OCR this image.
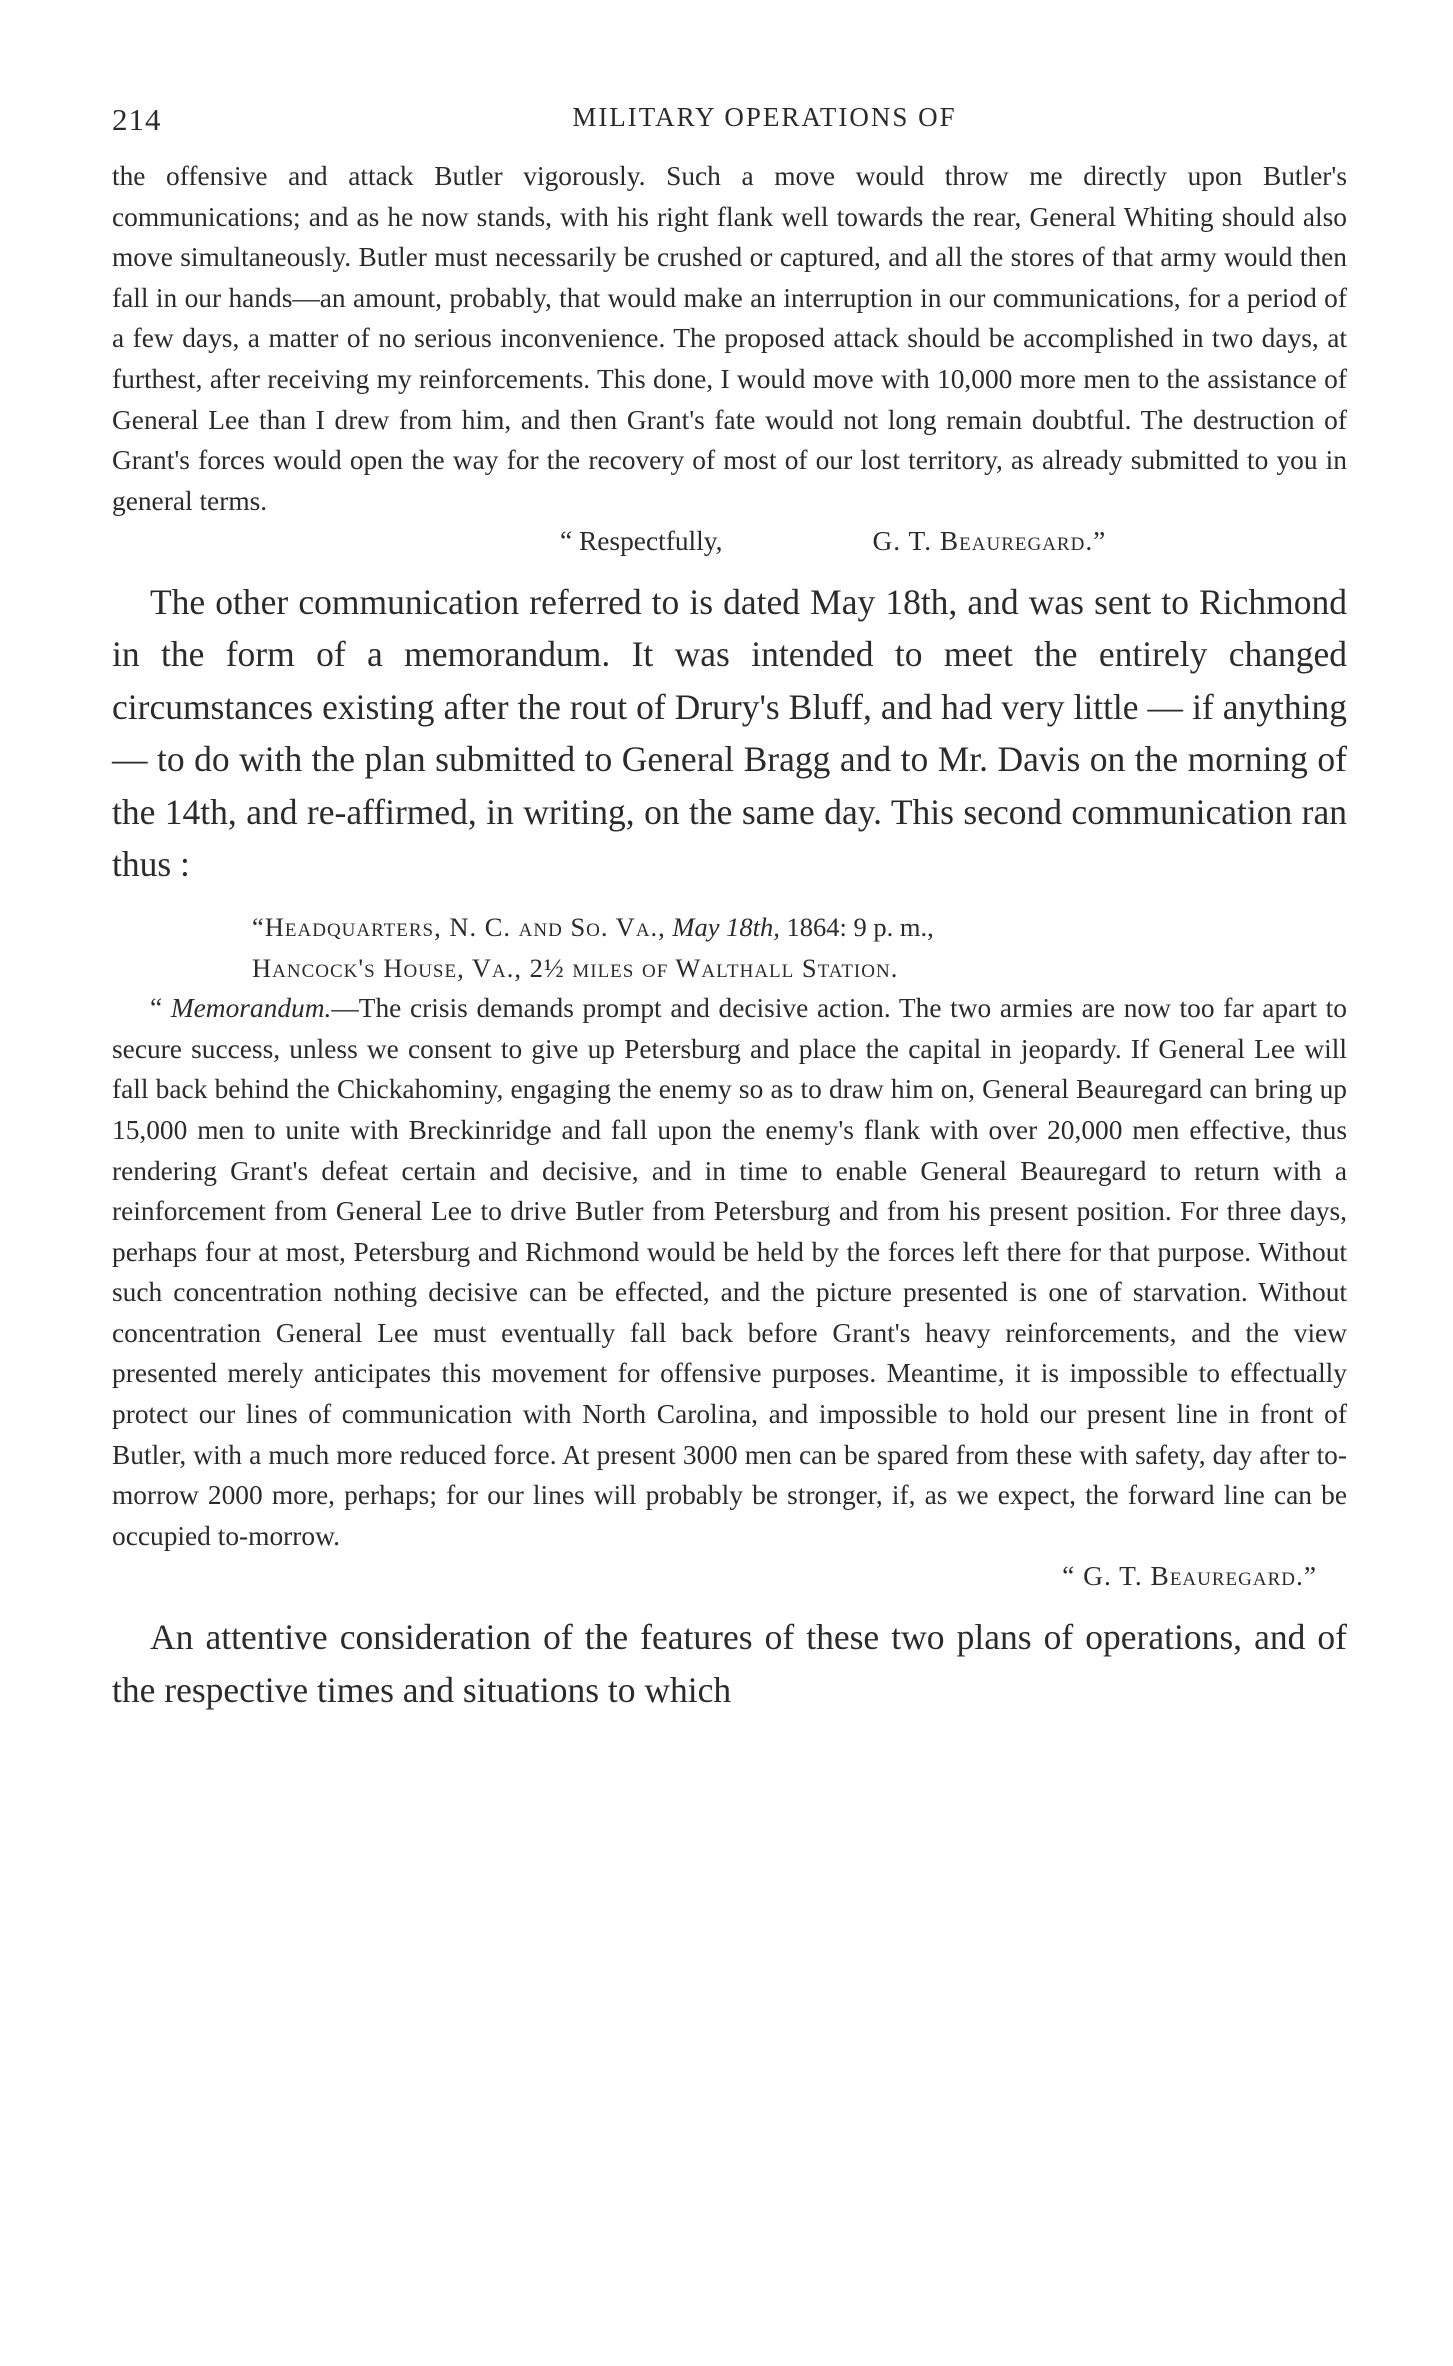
214	MILITARY OPERATIONS OF

the offensive and attack Butler vigorously. Such a move would throw me directly upon Butler's communications; and as he now stands, with his right flank well towards the rear, General Whiting should also move simultaneously. Butler must necessarily be crushed or captured, and all the stores of that army would then fall in our hands—an amount, probably, that would make an interruption in our communications, for a period of a few days, a matter of no serious inconvenience. The proposed attack should be accomplished in two days, at furthest, after receiving my reinforcements. This done, I would move with 10,000 more men to the assistance of General Lee than I drew from him, and then Grant's fate would not long remain doubtful. The destruction of Grant's forces would open the way for the recovery of most of our lost territory, as already submitted to you in general terms.

“ Respectfully,	G. T. Beauregard.”

The other communication referred to is dated May 18th, and was sent to Richmond in the form of a memorandum. It was intended to meet the entirely changed circumstances existing after the rout of Drury's Bluff, and had very little — if anything — to do with the plan submitted to General Bragg and to Mr. Davis on the morning of the 14th, and re-affirmed, in writing, on the same day. This second communication ran thus :

“Headquarters, N. C. and So. Va., May 18th, 1864: 9 p. m.,
Hancock's House, Va., 2½ miles of Walthall Station.

“ Memorandum.—The crisis demands prompt and decisive action. The two armies are now too far apart to secure success, unless we consent to give up Petersburg and place the capital in jeopardy. If General Lee will fall back behind the Chickahominy, engaging the enemy so as to draw him on, General Beauregard can bring up 15,000 men to unite with Breckinridge and fall upon the enemy's flank with over 20,000 men effective, thus rendering Grant's defeat certain and decisive, and in time to enable General Beauregard to return with a reinforcement from General Lee to drive Butler from Petersburg and from his present position. For three days, perhaps four at most, Petersburg and Richmond would be held by the forces left there for that purpose. Without such concentration nothing decisive can be effected, and the picture presented is one of starvation. Without concentration General Lee must eventually fall back before Grant's heavy reinforcements, and the view presented merely anticipates this movement for offensive purposes. Meantime, it is impossible to effectually protect our lines of communication with North Carolina, and impossible to hold our present line in front of Butler, with a much more reduced force. At present 3000 men can be spared from these with safety, day after to-morrow 2000 more, perhaps; for our lines will probably be stronger, if, as we expect, the forward line can be occupied to-morrow.

“ G. T. Beauregard.”

An attentive consideration of the features of these two plans of operations, and of the respective times and situations to which
